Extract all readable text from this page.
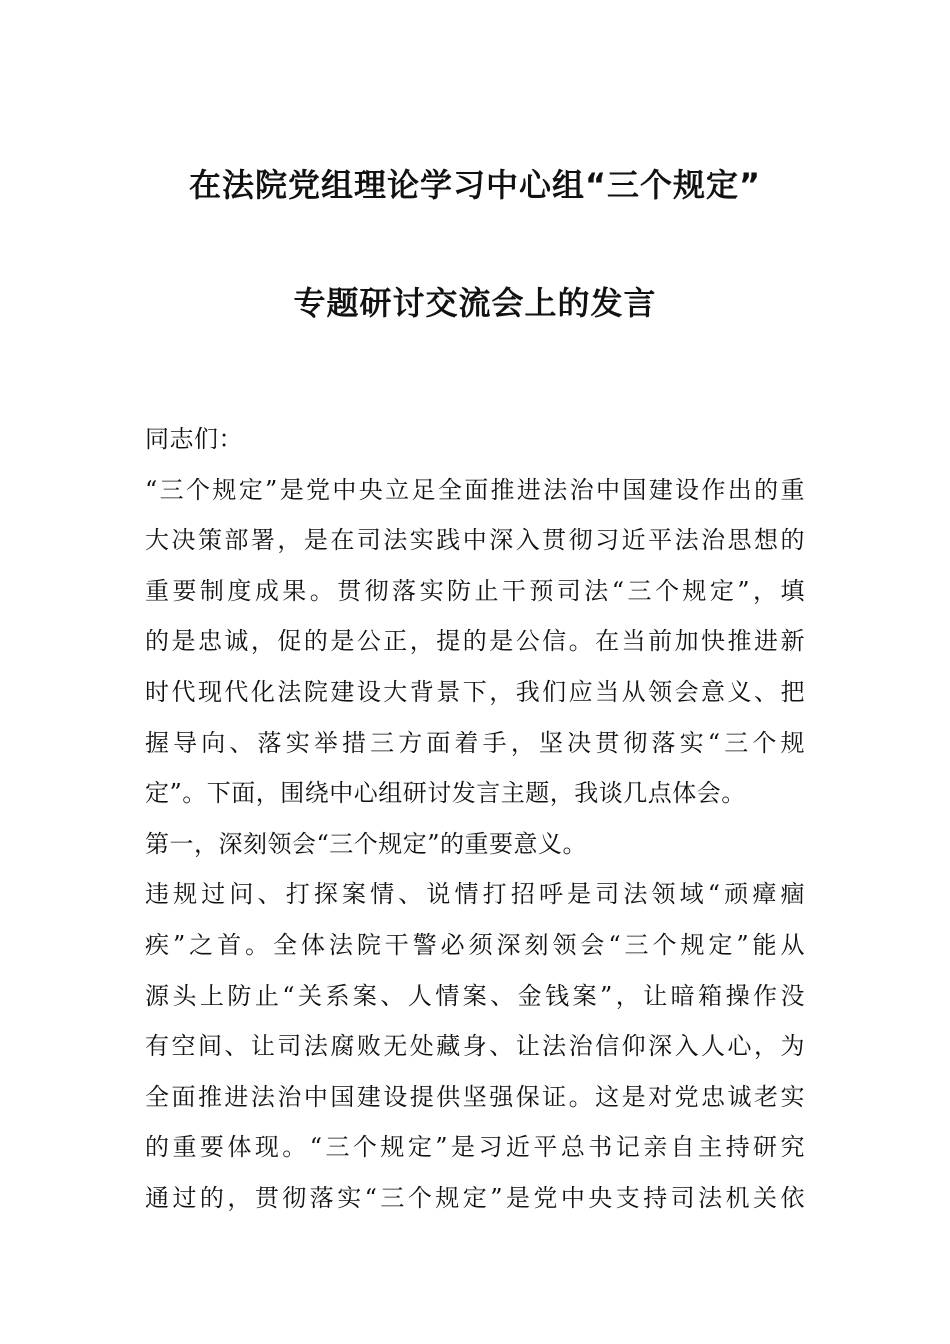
在法院党组理论学习中心组“三个规定”
专题研讨交流会上的发言
同志们：
“三个规定”是党中央立足全面推进法治中国建设作出的重
大决策部署，是在司法实践中深入贯彻习近平法治思想的
重要制度成果。贯彻落实防止干预司法“三个规定”，填
的是忠诚，促的是公正，提的是公信。在当前加快推进新
时代现代化法院建设大背景下，我们应当从领会意义、把
握导向、落实举措三方面着手，坚决贯彻落实“三个规
定”。下面，围绕中心组研讨发言主题，我谈几点体会。
第一，深刻领会“三个规定”的重要意义。
违规过问、打探案情、说情打招呼是司法领域“顽瘴痼
疾”之首。全体法院干警必须深刻领会“三个规定”能从
源头上防止“关系案、人情案、金钱案”，让暗箱操作没
有空间、让司法腐败无处藏身、让法治信仰深入人心，为
全面推进法治中国建设提供坚强保证。这是对党忠诚老实
的重要体现。“三个规定”是习近平总书记亲自主持研究
通过的，贯彻落实“三个规定”是党中央支持司法机关依
